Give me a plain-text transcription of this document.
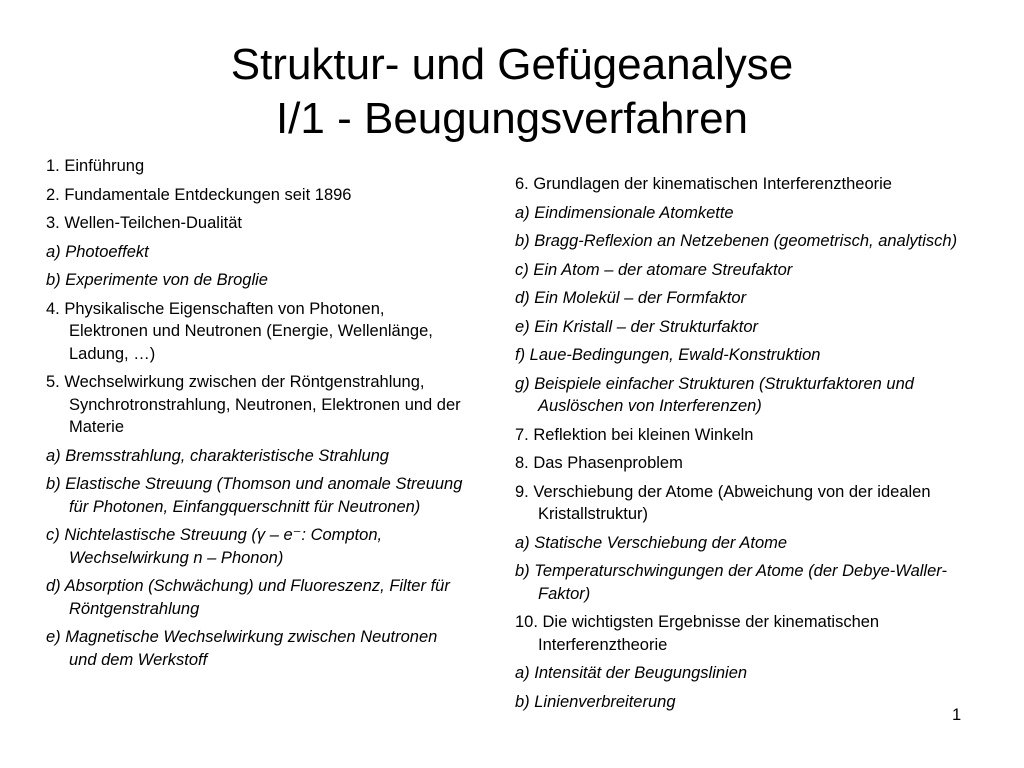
Struktur- und Gefügeanalyse
I/1 - Beugungsverfahren
1. Einführung
2. Fundamentale Entdeckungen seit 1896
3. Wellen-Teilchen-Dualität
a) Photoeffekt
b) Experimente von de Broglie
4. Physikalische Eigenschaften von Photonen, Elektronen und Neutronen (Energie, Wellenlänge, Ladung, …)
5. Wechselwirkung zwischen der Röntgenstrahlung, Synchrotronstrahlung, Neutronen, Elektronen und der Materie
a) Bremsstrahlung, charakteristische Strahlung
b) Elastische Streuung (Thomson und anomale Streuung für Photonen, Einfangquerschnitt für Neutronen)
c) Nichtelastische Streuung (γ – e⁻: Compton, Wechselwirkung n – Phonon)
d) Absorption (Schwächung) und Fluoreszenz, Filter für Röntgenstrahlung
e) Magnetische Wechselwirkung zwischen Neutronen und dem Werkstoff
6. Grundlagen der kinematischen Interferenztheorie
a) Eindimensionale Atomkette
b) Bragg-Reflexion an Netzebenen (geometrisch, analytisch)
c) Ein Atom – der atomare Streufaktor
d) Ein Molekül – der Formfaktor
e) Ein Kristall – der Strukturfaktor
f) Laue-Bedingungen, Ewald-Konstruktion
g) Beispiele einfacher Strukturen (Strukturfaktoren und Auslöschen von Interferenzen)
7. Reflektion bei kleinen Winkeln
8. Das Phasenproblem
9. Verschiebung der Atome (Abweichung von der idealen Kristallstruktur)
a) Statische Verschiebung der Atome
b) Temperaturschwingungen der Atome (der Debye-Waller-Faktor)
10. Die wichtigsten Ergebnisse der kinematischen Interferenztheorie
a) Intensität der Beugungslinien
b) Linienverbreiterung
1
